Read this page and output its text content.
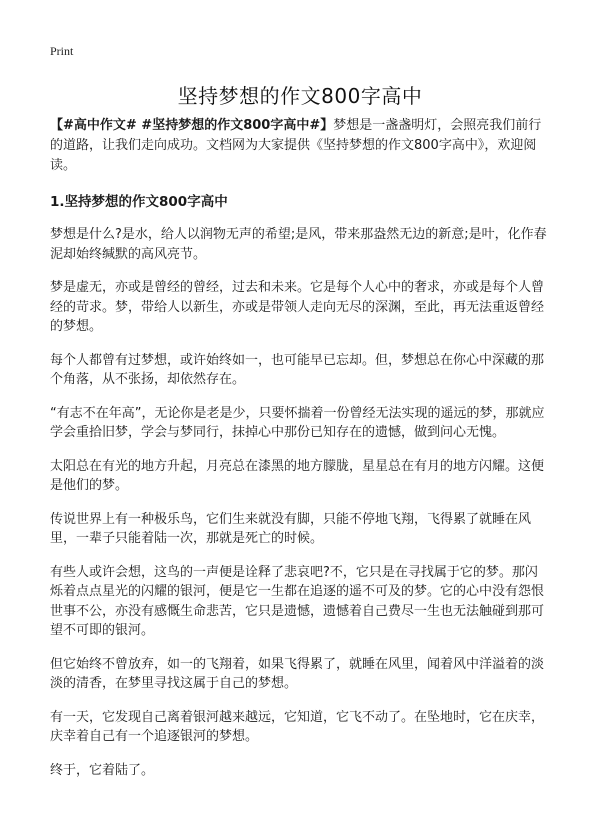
Print
坚持梦想的作文800字高中

【#高中作文# #坚持梦想的作文800字高中#】梦想是一盏盏明灯，会照亮我们前行的道路，让我们走向成功。文档网为大家提供《坚持梦想的作文800字高中》，欢迎阅读。

1.坚持梦想的作文800字高中

梦想是什么?是水，给人以润物无声的希望;是风，带来那盎然无边的新意;是叶，化作春泥却始终缄默的高风亮节。

梦是虚无，亦或是曾经的曾经，过去和未来。它是每个人心中的奢求，亦或是每个人曾经的苛求。梦，带给人以新生，亦或是带领人走向无尽的深渊，至此，再无法重返曾经的梦想。

每个人都曾有过梦想，或许始终如一，也可能早已忘却。但，梦想总在你心中深藏的那个角落，从不张扬，却依然存在。

“有志不在年高”，无论你是老是少，只要怀揣着一份曾经无法实现的遥远的梦，那就应学会重拾旧梦，学会与梦同行，抹掉心中那份已知存在的遗憾，做到问心无愧。

太阳总在有光的地方升起，月亮总在漆黑的地方朦胧，星星总在有月的地方闪耀。这便是他们的梦。

传说世界上有一种极乐鸟，它们生来就没有脚，只能不停地飞翔，飞得累了就睡在风里，一辈子只能着陆一次，那就是死亡的时候。

有些人或许会想，这鸟的一声便是诠释了悲哀吧?不，它只是在寻找属于它的梦。那闪烁着点点星光的闪耀的银河，便是它一生都在追逐的遥不可及的梦。它的心中没有怨恨世事不公，亦没有感慨生命悲苦，它只是遗憾，遗憾着自己费尽一生也无法触碰到那可望不可即的银河。

但它始终不曾放弃，如一的飞翔着，如果飞得累了，就睡在风里，闻着风中洋溢着的淡淡的清香，在梦里寻找这属于自己的梦想。

有一天，它发现自己离着银河越来越远，它知道，它飞不动了。在坠地时，它在庆幸，庆幸着自己有一个追逐银河的梦想。

终于，它着陆了。
